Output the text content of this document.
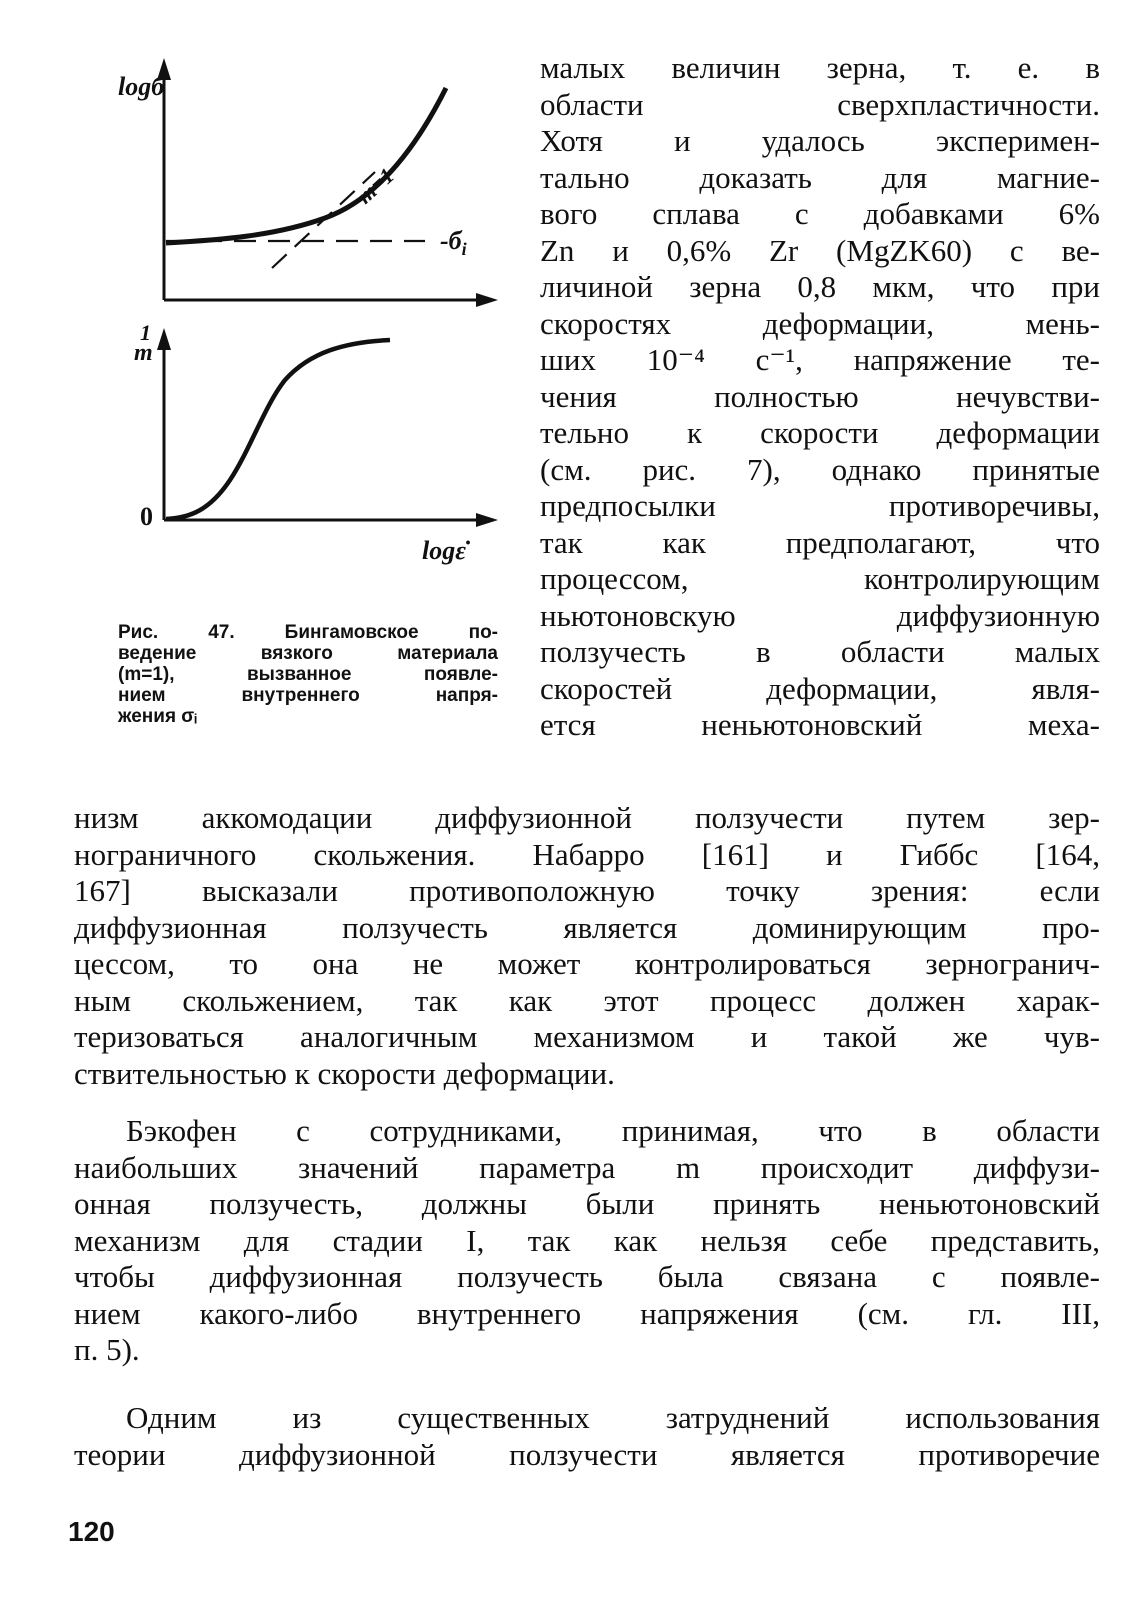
logб
$-б_i$
m=1
1
m
0
logε̇
Рис. 47.	Бингамовское по-
ведение вязкого материала
(m=1), вызванное появле-
нием внутреннего напря-
жения σᵢ
малых величин зерна, т. е. в
области сверхпластичности.
Хотя и удалось эксперимен-
тально доказать для магние-
вого сплава с добавками 6%
Zn и 0,6% Zr (MgZK60) с ве-
личиной зерна 0,8 мкм, что при
скоростях деформации, мень-
ших 10⁻⁴ с⁻¹, напряжение те-
чения полностью нечувстви-
тельно к скорости деформации
(см. рис. 7), однако принятые
предпосылки противоречивы,
так как предполагают, что
процессом, контролирующим
ньютоновскую диффузионную
ползучесть в области малых
скоростей деформации, явля-
ется неньютоновский меха-
низм аккомодации диффузионной ползучести путем зер-
нограничного скольжения. Набарро [161] и Гиббс [164,
167] высказали противоположную точку зрения: если
диффузионная ползучесть является доминирующим про-
цессом, то она не может контролироваться зерногранич-
ным скольжением, так как этот процесс должен харак-
теризоваться аналогичным механизмом и такой же чув-
ствительностью к скорости деформации.
Бэкофен с сотрудниками, принимая, что в области
наибольших значений параметра m происходит диффузи-
онная ползучесть, должны были принять неньютоновский
механизм для стадии I, так как нельзя себе представить,
чтобы диффузионная ползучесть была связана с появле-
нием какого-либо внутреннего напряжения (см. гл. III,
п. 5).
Одним из существенных затруднений использования
теории диффузионной ползучести является противоречие
120
